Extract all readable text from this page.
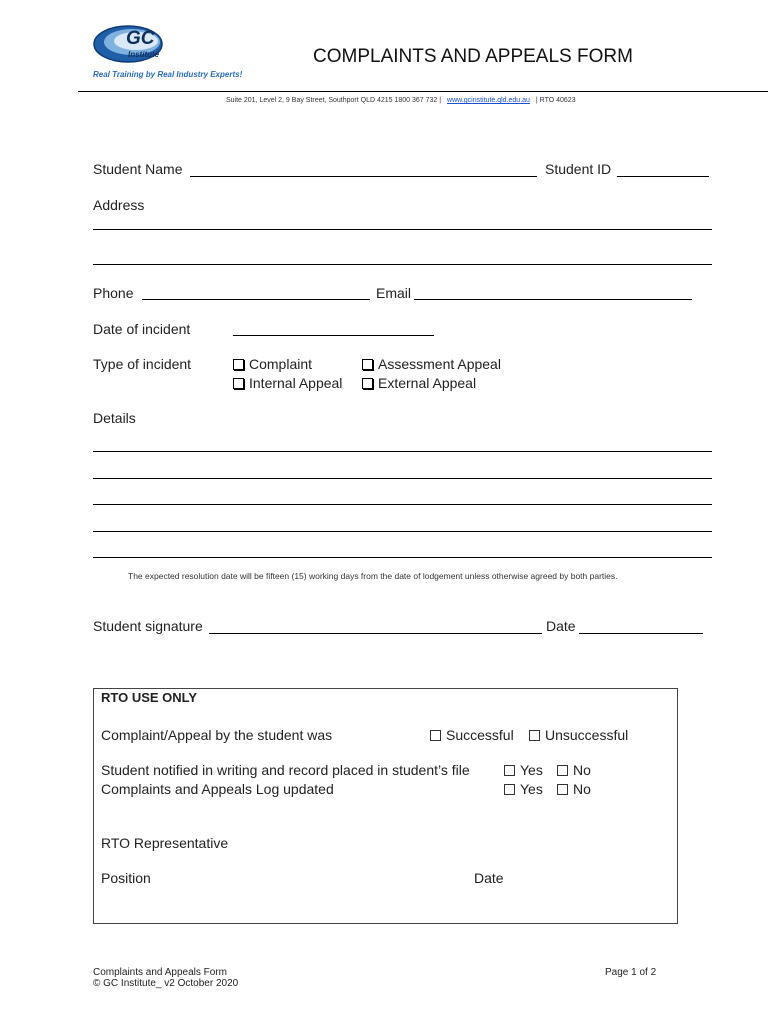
GC
Institute
Real Training by Real Industry Experts!
COMPLAINTS AND APPEALS FORM
Suite 201, Level 2, 9 Bay Street, Southport QLD 4215 1800 367 732 | www.gcinstitute.qld.edu.au | RTO 40623
Student Name	Student ID
Address
Phone	Email
Date of incident
Type of incident	Complaint	Assessment Appeal
Internal Appeal	External Appeal
Details
The expected resolution date will be fifteen (15) working days from the date of lodgement unless otherwise agreed by both parties.
Student signature	Date
RTO USE ONLY
Complaint/Appeal by the student was	Successful	Unsuccessful
Student notified in writing and record placed in student’s file	Yes	No
Complaints and Appeals Log updated	Yes	No
RTO Representative
Position	Date
Complaints and Appeals Form
© GC Institute_ v2 October 2020
Page 1 of 2
